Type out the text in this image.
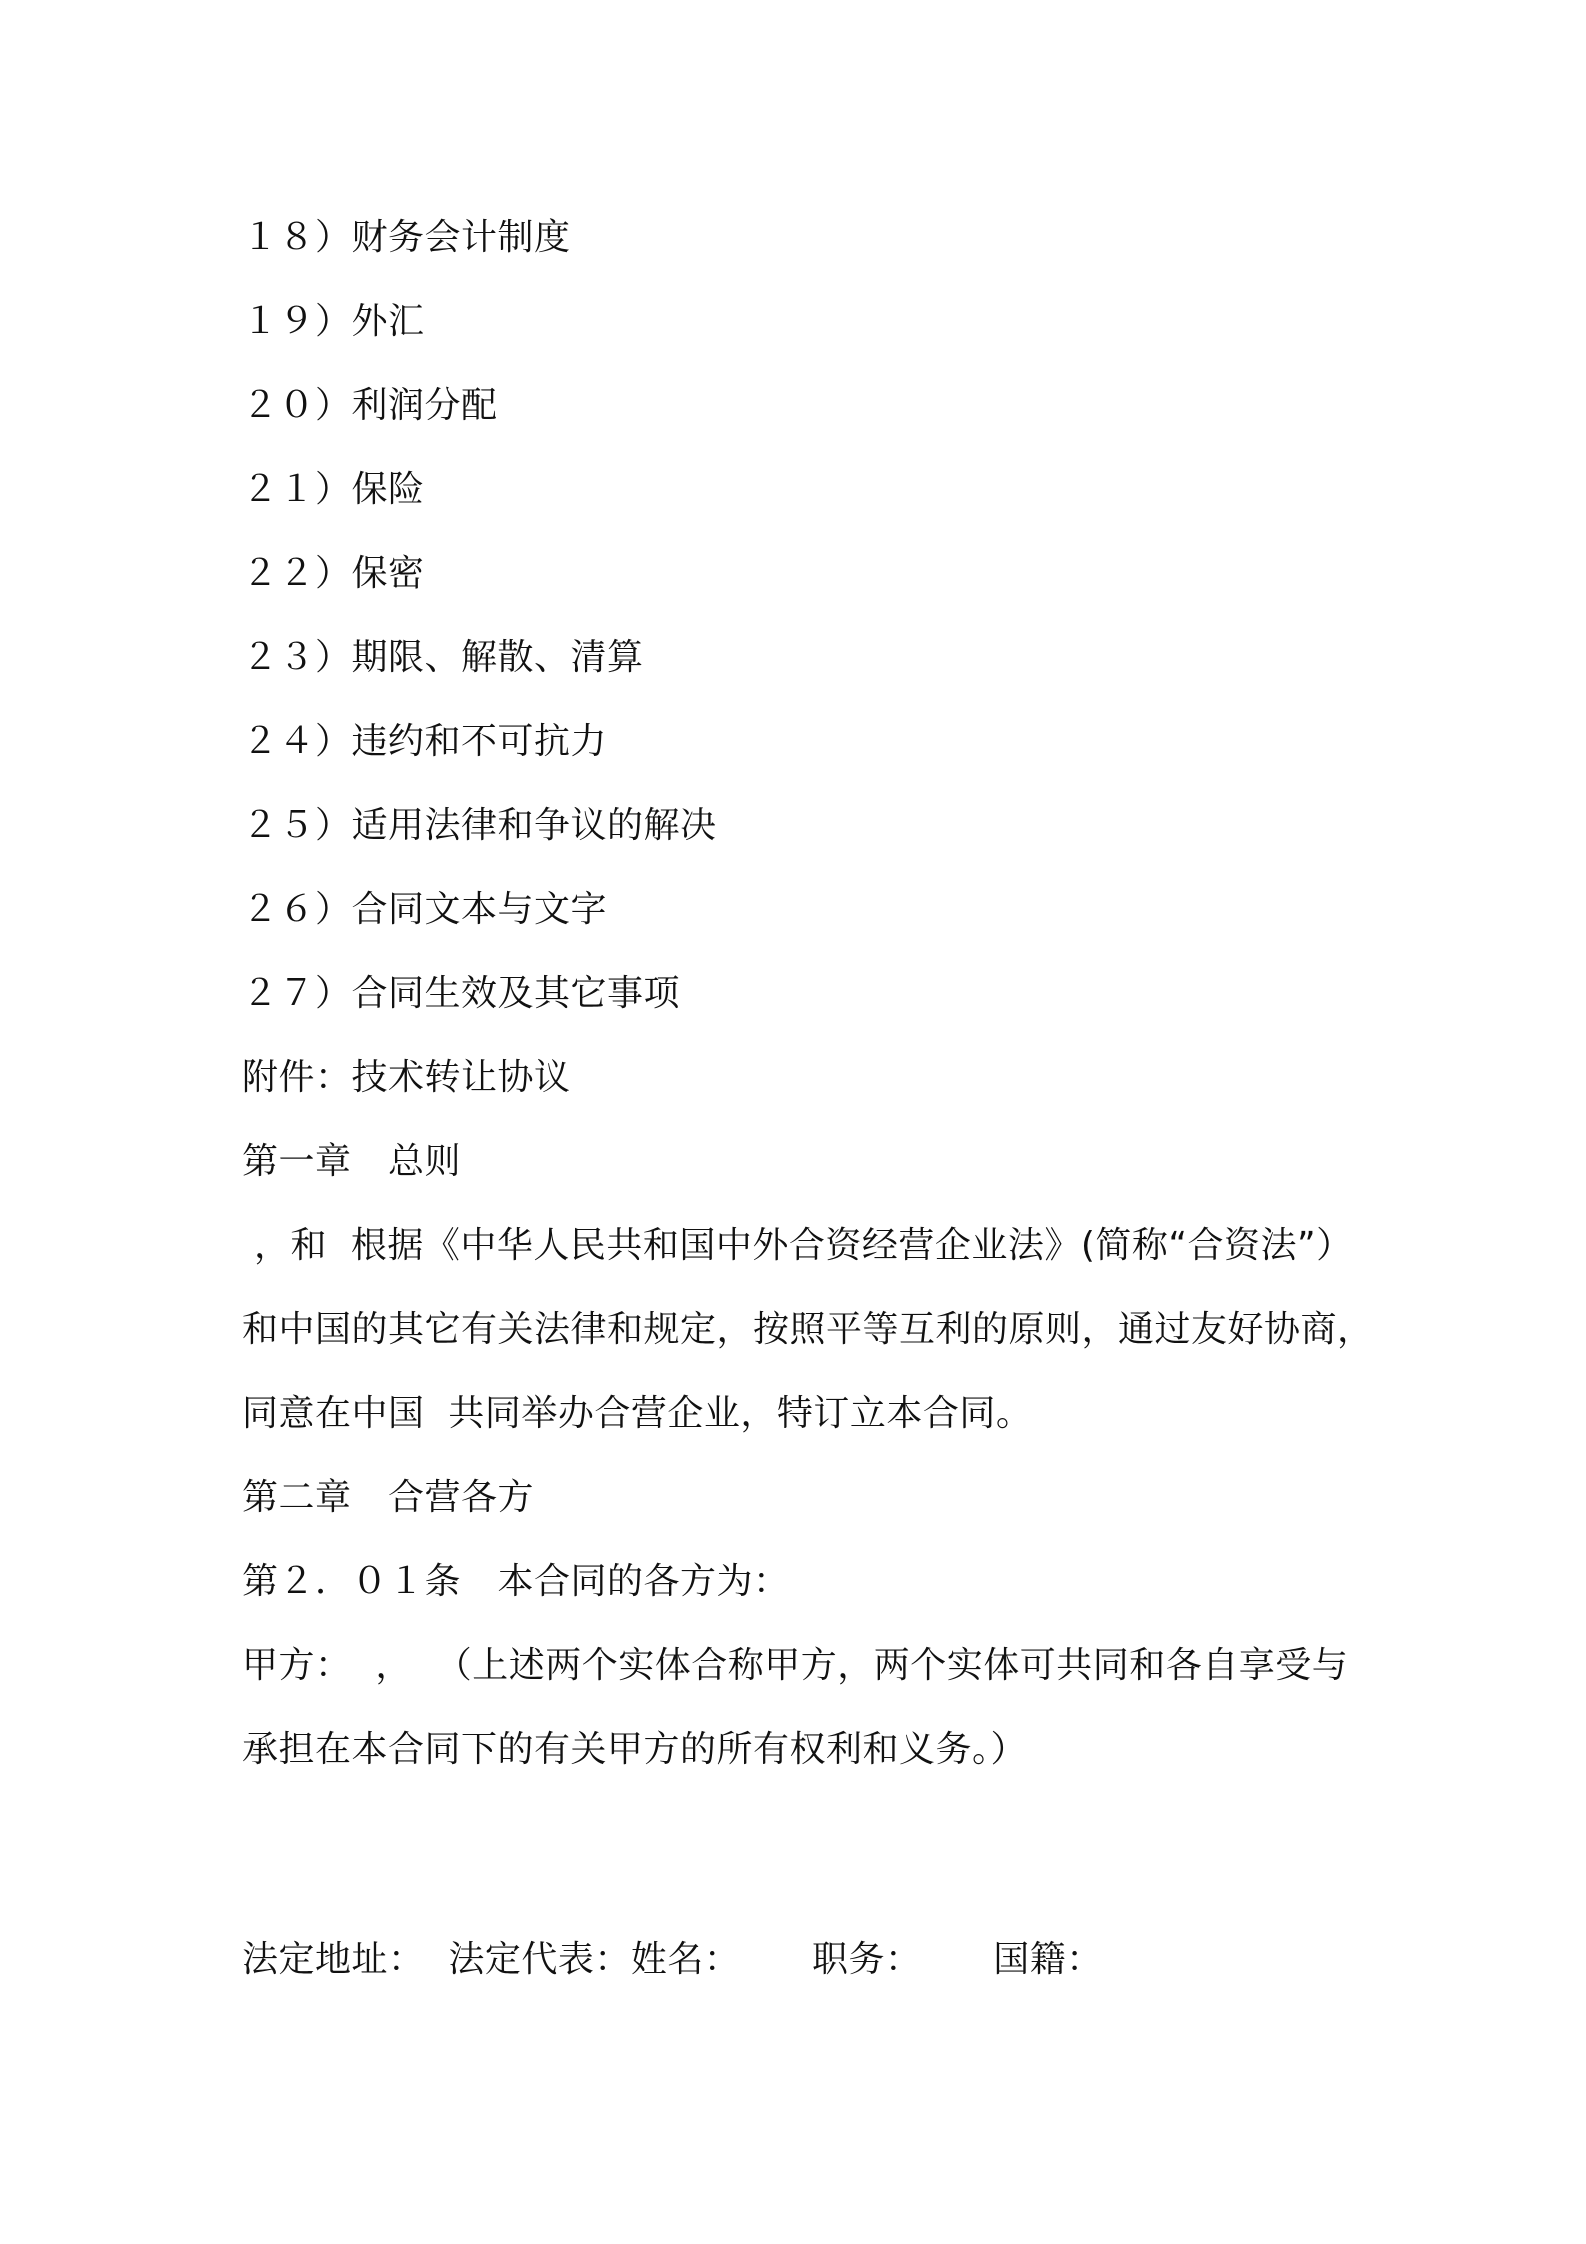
１８）财务会计制度

１９）外汇

２０）利润分配

２１）保险

２２）保密

２３）期限、解散、清算

２４）违约和不可抗力

２５）适用法律和争议的解决

２６）合同文本与文字

２７）合同生效及其它事项

附件：技术转让协议

第一章　总则

，和  根据《中华人民共和国中外合资经营企业法》(简称“合资法”）

和中国的其它有关法律和规定，按照平等互利的原则，通过友好协商，

同意在中国  共同举办合营企业，特订立本合同。

第二章　合营各方

第２．０１条　本合同的各方为：

甲方：  ，  （上述两个实体合称甲方，两个实体可共同和各自享受与

承担在本合同下的有关甲方的所有权利和义务。）

法定地址：  法定代表：姓名：      职务：      国籍：
